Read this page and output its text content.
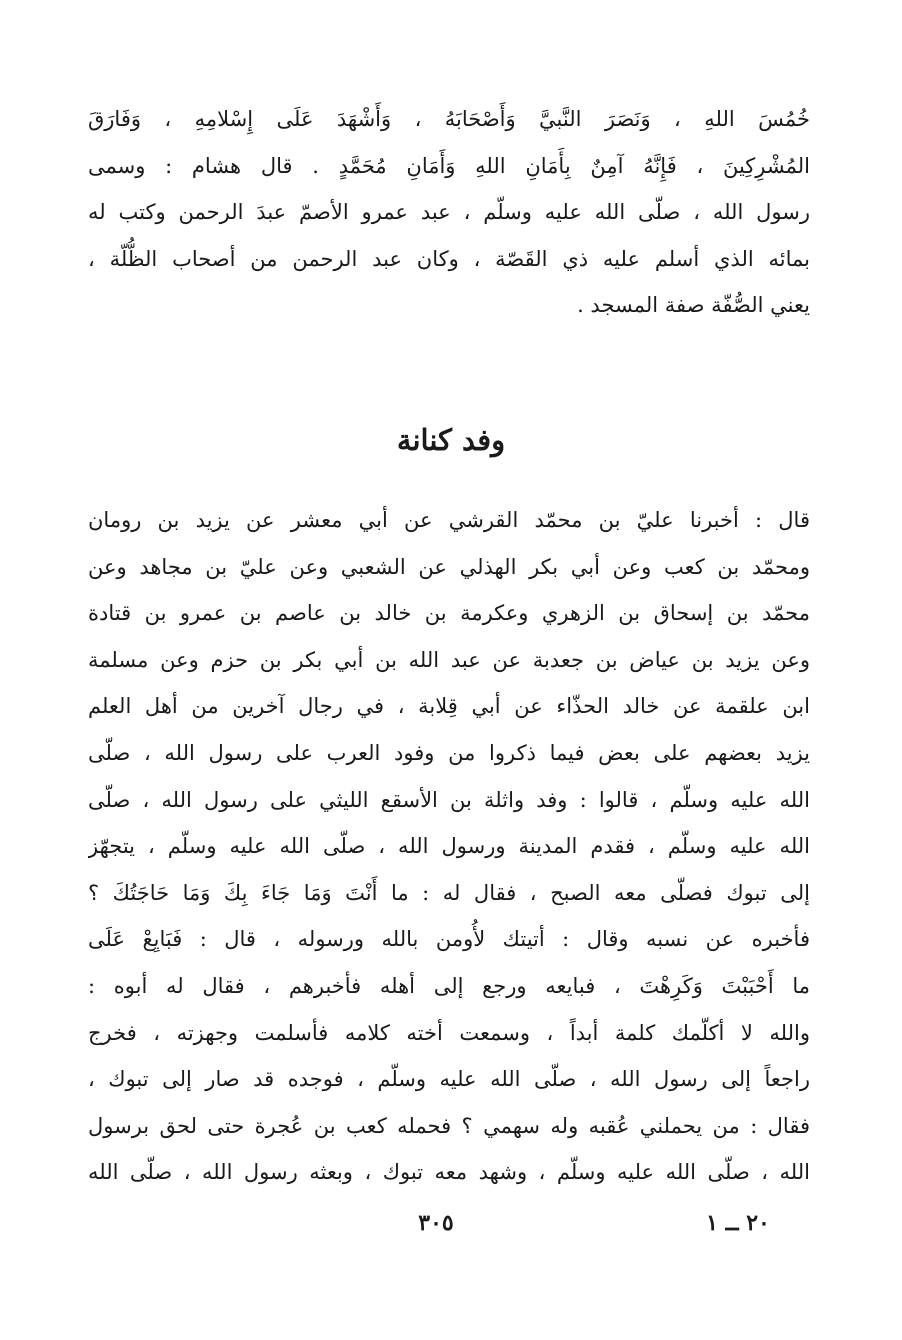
خُمُسَ اللهِ ، وَنَصَرَ النَّبيَّ وَأَصْحَابَهُ ، وَأَشْهَدَ عَلَى إِسْلامِهِ ، وَفَارَقَ
المُشْرِكِينَ ، فَإِنَّهُ آمِنٌ بِأَمَانِ اللهِ وَأَمَانِ مُحَمَّدٍ . قال هشام : وسمى
رسول الله ، صلّى الله عليه وسلّم ، عبد عمرو الأصمّ عبدَ الرحمن وكتب له
بمائه الذي أسلم عليه ذي القَصّة ، وكان عبد الرحمن من أصحاب الظُّلّة ،
يعني الصُّفّة صفة المسجد .
وفد كنانة
قال : أخبرنا عليّ بن محمّد القرشي عن أبي معشر عن يزيد بن رومان
ومحمّد بن كعب وعن أبي بكر الهذلي عن الشعبي وعن عليّ بن مجاهد وعن
محمّد بن إسحاق بن الزهري وعكرمة بن خالد بن عاصم بن عمرو بن قتادة
وعن يزيد بن عياض بن جعدبة عن عبد الله بن أبي بكر بن حزم وعن مسلمة
ابن علقمة عن خالد الحذّاء عن أبي قِلابة ، في رجال آخرين من أهل العلم
يزيد بعضهم على بعض فيما ذكروا من وفود العرب على رسول الله ، صلّى
الله عليه وسلّم ، قالوا : وفد واثلة بن الأسقع الليثي على رسول الله ، صلّى
الله عليه وسلّم ، فقدم المدينة ورسول الله ، صلّى الله عليه وسلّم ، يتجهّز
إلى تبوك فصلّى معه الصبح ، فقال له : ما أَنْتَ وَمَا جَاءَ بِكَ وَمَا حَاجَتُكَ ؟
فأخبره عن نسبه وقال : أتيتك لأُومن بالله ورسوله ، قال : فَبَايِعْ عَلَى
ما أَحْبَبْتَ وَكَرِهْتَ ، فبايعه ورجع إلى أهله فأخبرهم ، فقال له أبوه :
والله لا أكلّمك كلمة أبداً ، وسمعت أخته كلامه فأسلمت وجهزته ، فخرج
راجعاً إلى رسول الله ، صلّى الله عليه وسلّم ، فوجده قد صار إلى تبوك ،
فقال : من يحملني عُقبه وله سهمي ؟ فحمله كعب بن عُجرة حتى لحق برسول
الله ، صلّى الله عليه وسلّم ، وشهد معه تبوك ، وبعثه رسول الله ، صلّى الله
٣٠٥	٢٠ ــ ١
